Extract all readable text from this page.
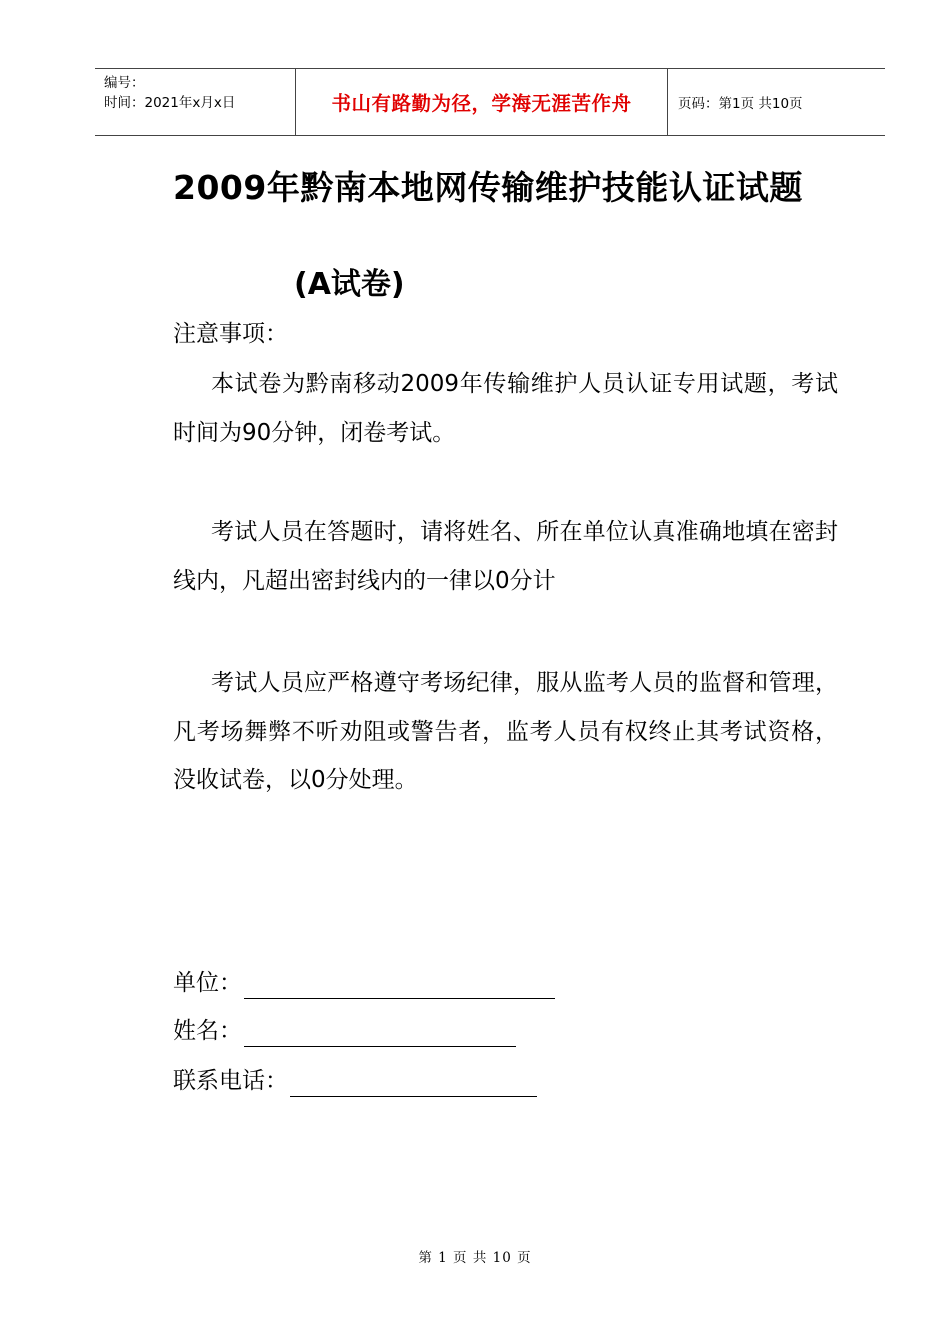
编号：
时间：2021年x月x日	书山有路勤为径，学海无涯苦作舟	页码：第1页 共10页
2009年黔南本地网传输维护技能认证试题
(A试卷)
注意事项：
本试卷为黔南移动2009年传输维护人员认证专用试题，考试时间为90分钟，闭卷考试。
考试人员在答题时，请将姓名、所在单位认真准确地填在密封线内，凡超出密封线内的一律以0分计
考试人员应严格遵守考场纪律，服从监考人员的监督和管理，凡考场舞弊不听劝阻或警告者，监考人员有权终止其考试资格，没收试卷，以0分处理。
单位：
姓名：
联系电话：
第 1 页 共 10 页
